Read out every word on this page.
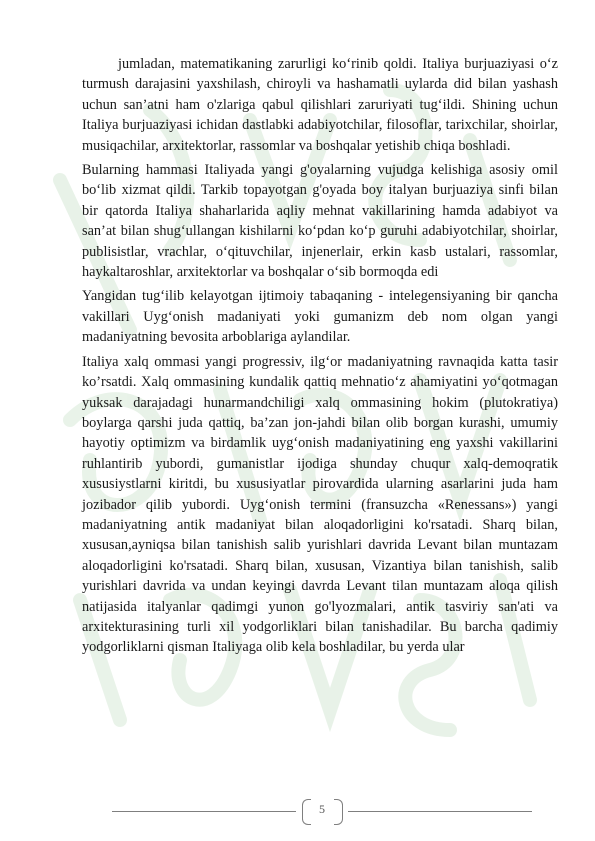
jumladan, matematikaning zarurligi ko‘rinib qoldi. Italiya burjuaziyasi o‘z turmush darajasini yaxshilash, chiroyli va hashamatli uylarda did bilan yashash uchun san’atni ham o'zlariga qabul qilishlari zaruriyati tug‘ildi. Shining uchun Italiya burjuaziyasi ichidan dastlabki adabiyotchilar, filosoflar, tarixchilar, shoirlar, musiqachilar, arxitektorlar, rassomlar va boshqalar yetishib chiqa boshladi.

Bularning hammasi Italiyada yangi g'oyalarning vujudga kelishiga asosiy omil bo‘lib xizmat qildi. Tarkib topayotgan g'oyada boy italyan burjuaziya sinfi bilan bir qatorda Italiya shaharlarida aqliy mehnat vakillarining hamda adabiyot va san’at bilan shug‘ullangan kishilarni ko‘pdan ko‘p guruhi adabiyotchilar, shoirlar, publisistlar, vrachlar, o‘qituvchilar, injenerlair, erkin kasb ustalari, rassomlar, haykaltaroshlar, arxitektorlar va boshqalar o‘sib bormoqda edi

Yangidan tug‘ilib kelayotgan ijtimoiy tabaqaning - intelegensiyaning bir qancha vakillari Uyg‘onish madaniyati yoki gumanizm deb nom olgan yangi madaniyatning bevosita arboblariga aylandilar.

Italiya xalq ommasi yangi progressiv, ilg‘or madaniyatning ravnaqida katta tasir ko’rsatdi. Xalq ommasining kundalik qattiq mehnatio‘z ahamiyatini yo‘qotmagan yuksak darajadagi hunarmandchiligi xalq ommasining hokim (plutokratiya) boylarga qarshi juda qattiq, ba’zan jon-jahdi bilan olib borgan kurashi, umumiy hayotiy optimizm va birdamlik uyg‘onish madaniyatining eng yaxshi vakillarini ruhlantirib yubordi, gumanistlar ijodiga shunday chuqur xalq-demoqratik xususiystlarni kiritdi, bu xususiyatlar pirovardida ularning asarlarini juda ham jozibador qilib yubordi. Uyg‘onish termini (fransuzcha «Renessans») yangi madaniyatning antik madaniyat bilan aloqadorligini ko'rsatadi. Sharq bilan, xususan,ayniqsa bilan tanishish salib yurishlari davrida Levant bilan muntazam aloqadorligini ko'rsatadi. Sharq bilan, xususan, Vizantiya bilan tanishish, salib yurishlari davrida va undan keyingi davrda Levant tilan muntazam aloqa qilish natijasida italyanlar qadimgi yunon go'lyozmalari, antik tasviriy san'ati va arxitekturasining turli xil yodgorliklari bilan tanishadilar. Bu barcha qadimiy yodgorliklarni qisman Italiyaga olib kela boshladilar, bu yerda ular

5
